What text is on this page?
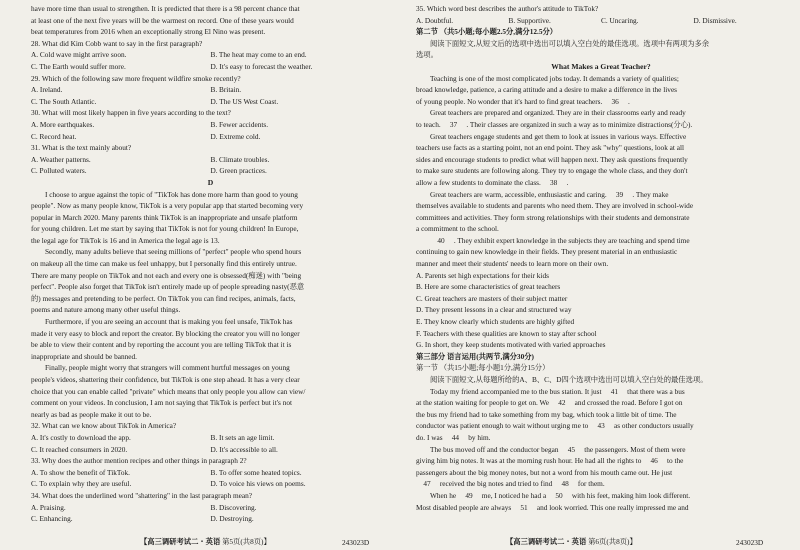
have more time than usual to strengthen. It is predicted that there is a 98 percent chance that
at least one of the next five years will be the warmest on record. One of these years would
beat temperatures from 2016 when an exceptionally strong El Nino was present.
28. What did Kim Cobb want to say in the first paragraph?
A. Cold wave might arrive soon.	B. The heat may come to an end.
C. The Earth would suffer more.	D. It's easy to forecast the weather.
29. Which of the following saw more frequent wildfire smoke recently?
A. Ireland.	B. Britain.
C. The South Atlantic.	D. The US West Coast.
30. What will most likely happen in five years according to the text?
A. More earthquakes.	B. Fewer accidents.
C. Record heat.	D. Extreme cold.
31. What is the text mainly about?
A. Weather patterns.	B. Climate troubles.
C. Polluted waters.	D. Green practices.
D
I choose to argue against the topic of "TikTok has done more harm than good to young
people". Now as many people know, TikTok is a very popular app that started becoming very
popular in March 2020. Many parents think TikTok is an inappropriate and unsafe platform
for young children. Let me start by saying that TikTok is not for young children! In Europe,
the legal age for TikTok is 16 and in America the legal age is 13.
Secondly, many adults believe that seeing millions of "perfect" people who spend hours
on makeup all the time can make us feel unhappy, but I personally find this entirely untrue.
There are many people on TikTok and not each and every one is obsessed(痴迷) with "being
perfect". People also forget that TikTok isn't entirely made up of people spreading nasty(恶意
的) messages and pretending to be perfect. On TikTok you can find recipes, animals, facts,
poems and nature among many other useful things.
Furthermore, if you are seeing an account that is making you feel unsafe, TikTok has
made it very easy to block and report the creator. By blocking the creator you will no longer
be able to view their content and by reporting the account you are telling TikTok that it is
inappropriate and should be banned.
Finally, people might worry that strangers will comment hurtful messages on young
people's videos, shattering their confidence, but TikTok is one step ahead. It has a very clear
choice that you can enable called "private" which means that only people you allow can view/
comment on your videos. In conclusion, I am not saying that TikTok is perfect but it's not
nearly as bad as people make it out to be.
32. What can we know about TikTok in America?
A. It's costly to download the app.	B. It sets an age limit.
C. It reached consumers in 2020.	D. It's accessible to all.
33. Why does the author mention recipes and other things in paragraph 2?
A. To show the benefit of TikTok.	B. To offer some heated topics.
C. To explain why they are useful.	D. To voice his views on poems.
34. What does the underlined word "shattering" in the last paragraph mean?
A. Praising.	B. Discovering.
C. Enhancing.	D. Destroying.
【高三调研考试二・英语 第5页(共8页)】	243023D
35. Which word best describes the author's attitude to TikTok?
A. Doubtful.	B. Supportive.	C. Uncaring.	D. Dismissive.
第二节 （共5小题;每小题2.5分,满分12.5分）
阅读下面短文,从短文后的选项中选出可以填入空白处的最佳选项。选项中有两项为多余
选项。
What Makes a Great Teacher?
Teaching is one of the most complicated jobs today. It demands a variety of qualities;
broad knowledge, patience, a caring attitude and a desire to make a difference in the lives
of young people. No wonder that it's hard to find great teachers. 36 .
Great teachers are prepared and organized. They are in their classrooms early and ready
to teach. 37 . Their classes are organized in such a way as to minimize distractions(分心).
Great teachers engage students and get them to look at issues in various ways. Effective
teachers use facts as a starting point, not an end point. They ask "why" questions, look at all
sides and encourage students to predict what will happen next. They ask questions frequently
to make sure students are following along. They try to engage the whole class, and they don't
allow a few students to dominate the class. 38 .
Great teachers are warm, accessible, enthusiastic and caring. 39 . They make
themselves available to students and parents who need them. They are involved in school-wide
committees and activities. They form strong relationships with their students and demonstrate
a commitment to the school.
40 . They exhibit expert knowledge in the subjects they are teaching and spend time
continuing to gain new knowledge in their fields. They present material in an enthusiastic
manner and meet their students' needs to learn more on their own.
A. Parents set high expectations for their kids
B. Here are some characteristics of great teachers
C. Great teachers are masters of their subject matter
D. They present lessons in a clear and structured way
E. They know clearly which students are highly gifted
F. Teachers with these qualities are known to stay after school
G. In short, they keep students motivated with varied approaches
第三部分 语言运用(共两节,满分30分)
第一节 （共15小题;每小题1分,满分15分）
阅读下面短文,从每题所给的A、B、C、D四个选项中选出可以填入空白处的最佳选项。
Today my friend accompanied me to the bus station. It just 41 that there was a bus
at the station waiting for people to get on. We 42 and crossed the road. Before I got on
the bus my friend had to take something from my bag, which took a little bit of time. The
conductor was patient enough to wait without urging me to 43 as other conductors usually
do. I was 44 by him.
The bus moved off and the conductor began 45 the passengers. Most of them were
giving him big notes. It was at the morning rush hour. He had all the rights to 46 to the
passengers about the big money notes, but not a word from his mouth came out. He just
47 received the big notes and tried to find 48 for them.
When he 49 me, I noticed he had a 50 with his feet, making him look different.
Most disabled people are always 51 and look worried. This one really impressed me and
【高三调研考试二・英语 第6页(共8页)】	243023D
